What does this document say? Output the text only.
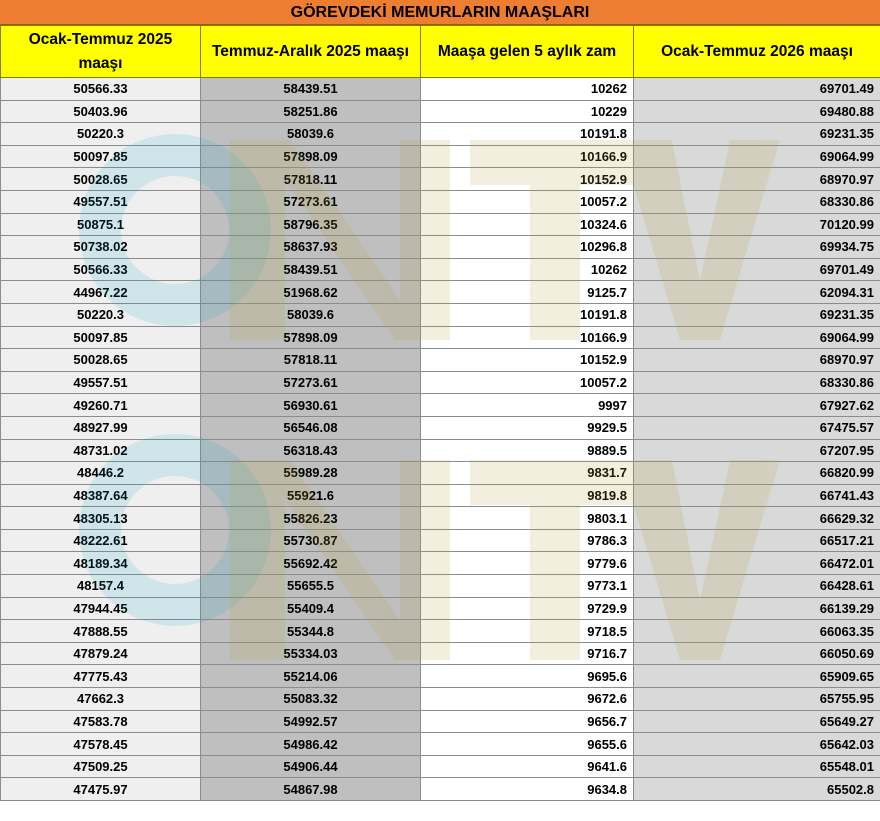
GÖREVDEKİ MEMURLARIN MAAŞLARI
Ocak-Temmuz 2025 maaşı	Temmuz-Aralık 2025 maaşı	Maaşa gelen 5 aylık zam	Ocak-Temmuz 2026 maaşı
50566.33	58439.51	10262	69701.49
50403.96	58251.86	10229	69480.88
50220.3	58039.6	10191.8	69231.35
50097.85	57898.09	10166.9	69064.99
50028.65	57818.11	10152.9	68970.97
49557.51	57273.61	10057.2	68330.86
50875.1	58796.35	10324.6	70120.99
50738.02	58637.93	10296.8	69934.75
50566.33	58439.51	10262	69701.49
44967.22	51968.62	9125.7	62094.31
50220.3	58039.6	10191.8	69231.35
50097.85	57898.09	10166.9	69064.99
50028.65	57818.11	10152.9	68970.97
49557.51	57273.61	10057.2	68330.86
49260.71	56930.61	9997	67927.62
48927.99	56546.08	9929.5	67475.57
48731.02	56318.43	9889.5	67207.95
48446.2	55989.28	9831.7	66820.99
48387.64	55921.6	9819.8	66741.43
48305.13	55826.23	9803.1	66629.32
48222.61	55730.87	9786.3	66517.21
48189.34	55692.42	9779.6	66472.01
48157.4	55655.5	9773.1	66428.61
47944.45	55409.4	9729.9	66139.29
47888.55	55344.8	9718.5	66063.35
47879.24	55334.03	9716.7	66050.69
47775.43	55214.06	9695.6	65909.65
47662.3	55083.32	9672.6	65755.95
47583.78	54992.57	9656.7	65649.27
47578.45	54986.42	9655.6	65642.03
47509.25	54906.44	9641.6	65548.01
47475.97	54867.98	9634.8	65502.8
